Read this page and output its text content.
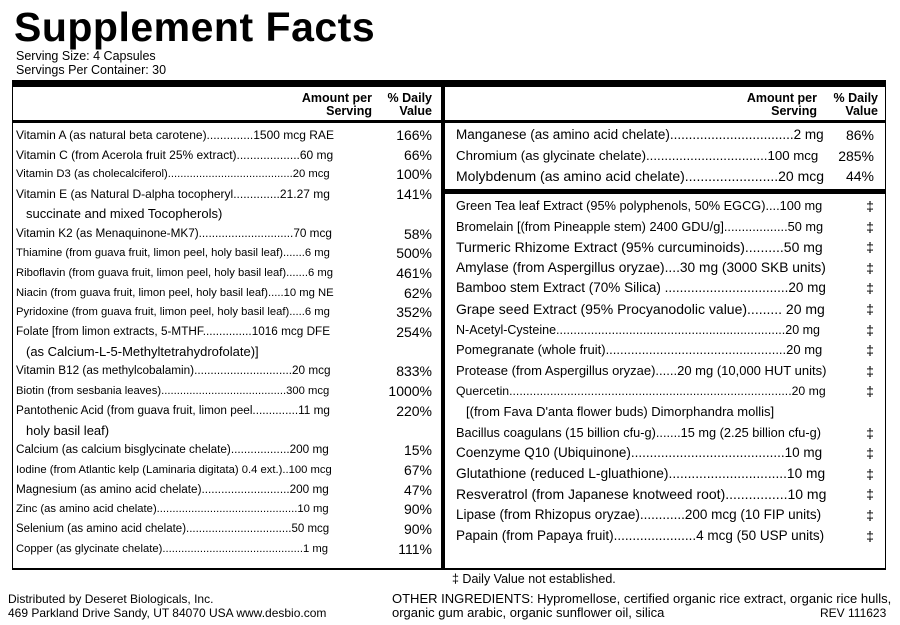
Supplement Facts
Serving Size: 4 Capsules
Servings Per Container: 30
Amount per
Serving
% Daily
Value
Amount per
Serving
% Daily
Value
Vitamin A (as natural beta carotene)..............1500 mcg RAE	166%
Vitamin C (from Acerola fruit 25% extract)...................60 mg	66%
Vitamin D3 (as cholecalciferol)........................................20 mcg	100%
Vitamin E (as Natural D-alpha tocopheryl..............21.27 mg	141%
succinate and mixed Tocopherols)
Vitamin K2 (as Menaquinone-MK7).............................70 mcg	58%
Thiamine (from guava fruit, limon peel, holy basil leaf).......6 mg	500%
Riboflavin (from guava fruit, limon peel, holy basil leaf).......6 mg	461%
Niacin (from guava fruit, limon peel, holy basil leaf).....10 mg NE	62%
Pyridoxine (from guava fruit, limon peel, holy basil leaf).....6 mg	352%
Folate [from limon extracts, 5-MTHF...............1016 mcg DFE	254%
(as Calcium-L-5-Methyltetrahydrofolate)]
Vitamin B12 (as methylcobalamin)..............................20 mcg	833%
Biotin (from sesbania leaves)........................................300 mcg	1000%
Pantothenic Acid (from guava fruit, limon peel..............11 mg	220%
holy basil leaf)
Calcium (as calcium bisglycinate chelate)..................200 mg	15%
Iodine (from Atlantic kelp (Laminaria digitata) 0.4 ext.)..100 mcg	67%
Magnesium (as amino acid chelate)...........................200 mg	47%
Zinc (as amino acid chelate).............................................10 mg	90%
Selenium (as amino acid chelate).................................50 mcg	90%
Copper (as glycinate chelate).............................................1 mg	111%
Manganese (as amino acid chelate).................................2 mg	86%
Chromium (as glycinate chelate).................................100 mcg	285%
Molybdenum (as amino acid chelate)........................20 mcg	44%
Green Tea leaf Extract (95% polyphenols, 50% EGCG)....100 mg	‡
Bromelain [(from Pineapple stem) 2400 GDU/g]..................50 mg	‡
Turmeric Rhizome Extract (95% curcuminoids)..........50 mg	‡
Amylase (from Aspergillus oryzae)....30 mg (3000 SKB units)	‡
Bamboo stem Extract (70% Silica) .................................20 mg	‡
Grape seed Extract (95% Procyanodolic value)......... 20 mg	‡
N-Acetyl-Cysteine..................................................................20 mg	‡
Pomegranate (whole fruit)..................................................20 mg	‡
Protease (from Aspergillus oryzae)......20 mg (10,000 HUT units)	‡
Quercetin...................................................................................20 mg	‡
[(from Fava D'anta flower buds) Dimorphandra mollis]
Bacillus coagulans (15 billion cfu-g).......15 mg (2.25 billion cfu-g)	‡
Coenzyme Q10 (Ubiquinone).........................................10 mg	‡
Glutathione (reduced L-gluathione)...............................10 mg	‡
Resveratrol (from Japanese knotweed root)................10 mg	‡
Lipase (from Rhizopus oryzae)............200 mcg (10 FIP units)	‡
Papain (from Papaya fruit)......................4 mcg (50 USP units)	‡
‡ Daily Value not established.
Distributed by Deseret Biologicals, Inc.
469 Parkland Drive Sandy, UT 84070 USA www.desbio.com
OTHER INGREDIENTS: Hypromellose, certified organic rice extract, organic rice hulls,
organic gum arabic, organic sunflower oil, silica	REV 111623
